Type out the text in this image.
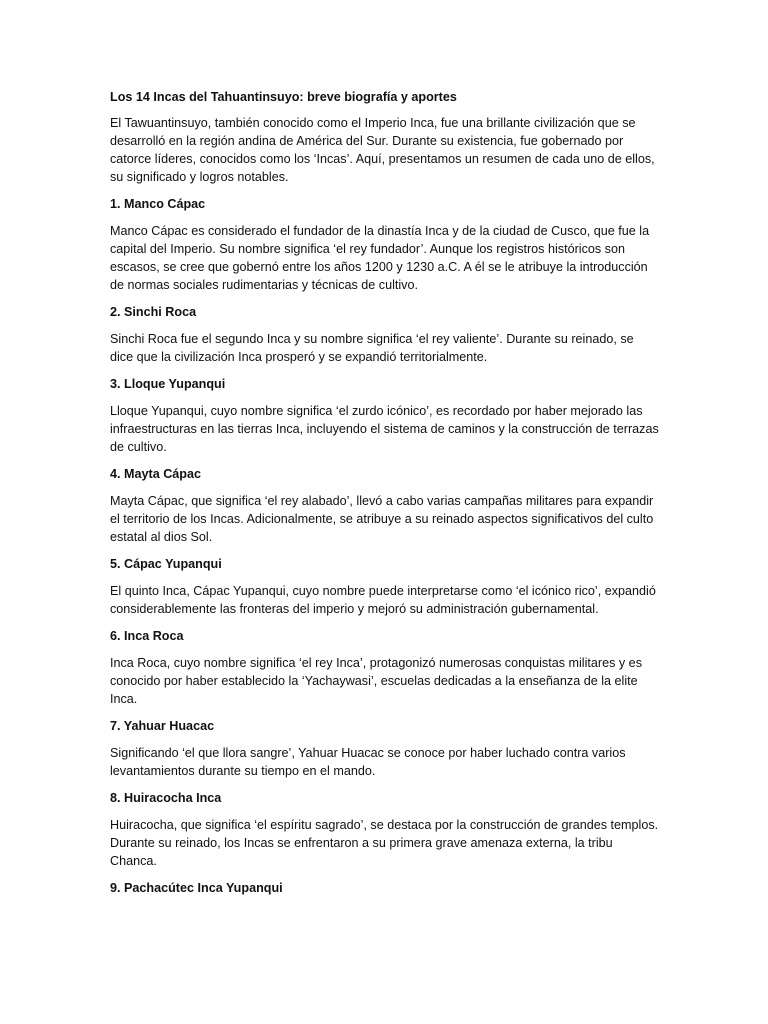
Los 14 Incas del Tahuantinsuyo: breve biografía y aportes

El Tawuantinsuyo, también conocido como el Imperio Inca, fue una brillante civilización que se desarrolló en la región andina de América del Sur. Durante su existencia, fue gobernado por catorce líderes, conocidos como los ‘Incas’. Aquí, presentamos un resumen de cada uno de ellos, su significado y logros notables.

1. Manco Cápac

Manco Cápac es considerado el fundador de la dinastía Inca y de la ciudad de Cusco, que fue la capital del Imperio. Su nombre significa ‘el rey fundador’. Aunque los registros históricos son escasos, se cree que gobernó entre los años 1200 y 1230 a.C. A él se le atribuye la introducción de normas sociales rudimentarias y técnicas de cultivo.

2. Sinchi Roca

Sinchi Roca fue el segundo Inca y su nombre significa ‘el rey valiente’. Durante su reinado, se dice que la civilización Inca prosperó y se expandió territorialmente.

3. Lloque Yupanqui

Lloque Yupanqui, cuyo nombre significa ‘el zurdo icónico’, es recordado por haber mejorado las infraestructuras en las tierras Inca, incluyendo el sistema de caminos y la construcción de terrazas de cultivo.

4. Mayta Cápac

Mayta Cápac, que significa ‘el rey alabado’, llevó a cabo varias campañas militares para expandir el territorio de los Incas. Adicionalmente, se atribuye a su reinado aspectos significativos del culto estatal al dios Sol.

5. Cápac Yupanqui

El quinto Inca, Cápac Yupanqui, cuyo nombre puede interpretarse como ‘el icónico rico’, expandió considerablemente las fronteras del imperio y mejoró su administración gubernamental.

6. Inca Roca

Inca Roca, cuyo nombre significa ‘el rey Inca’, protagonizó numerosas conquistas militares y es conocido por haber establecido la ‘Yachaywasi’, escuelas dedicadas a la enseñanza de la elite Inca.

7. Yahuar Huacac

Significando ‘el que llora sangre’, Yahuar Huacac se conoce por haber luchado contra varios levantamientos durante su tiempo en el mando.

8. Huiracocha Inca

Huiracocha, que significa ‘el espíritu sagrado’, se destaca por la construcción de grandes templos. Durante su reinado, los Incas se enfrentaron a su primera grave amenaza externa, la tribu Chanca.

9. Pachacútec Inca Yupanqui
